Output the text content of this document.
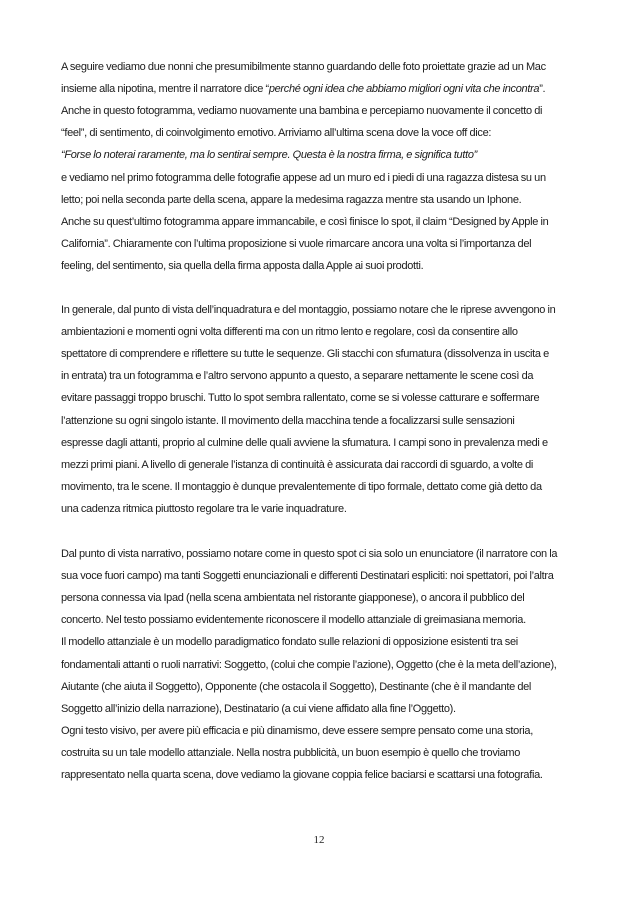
A seguire vediamo due nonni che presumibilmente stanno guardando delle foto proiettate grazie ad un Mac
insieme alla nipotina, mentre il narratore dice “perché ogni idea che abbiamo migliori ogni vita che incontra”.
Anche in questo fotogramma, vediamo nuovamente una bambina e percepiamo nuovamente il concetto di
“feel”, di sentimento, di coinvolgimento emotivo. Arriviamo all’ultima scena dove la voce off dice:
“Forse lo noterai raramente, ma lo sentirai sempre. Questa è la nostra firma, e significa tutto”
e vediamo nel primo fotogramma delle fotografie appese ad un muro ed i piedi di una ragazza distesa su un
letto; poi nella seconda parte della scena, appare la medesima ragazza mentre sta usando un Iphone.
Anche su quest’ultimo fotogramma appare immancabile, e così finisce lo spot, il claim “Designed by Apple in
California”. Chiaramente con l’ultima proposizione si vuole rimarcare ancora una volta si l’importanza del
feeling, del sentimento, sia quella della firma apposta dalla Apple ai suoi prodotti.
In generale, dal punto di vista dell’inquadratura e del montaggio, possiamo notare che le riprese avvengono in
ambientazioni e momenti ogni volta differenti ma con un ritmo lento e regolare, così da consentire allo
spettatore di comprendere e riflettere su tutte le sequenze. Gli stacchi con sfumatura (dissolvenza in uscita e
in entrata) tra un fotogramma e l’altro servono appunto a questo, a separare nettamente le scene così da
evitare passaggi troppo bruschi. Tutto lo spot sembra rallentato, come se si volesse catturare e soffermare
l’attenzione su ogni singolo istante. Il movimento della macchina tende a focalizzarsi sulle sensazioni
espresse dagli attanti, proprio al culmine delle quali avviene la sfumatura. I campi sono in prevalenza medi e
mezzi primi piani. A livello di generale l’istanza di continuità è assicurata dai raccordi di sguardo, a volte di
movimento, tra le scene. Il montaggio è dunque prevalentemente di tipo formale, dettato come già detto da
una cadenza ritmica piuttosto regolare tra le varie inquadrature.
Dal punto di vista narrativo, possiamo notare come in questo spot ci sia solo un enunciatore (il narratore con la
sua voce fuori campo) ma tanti Soggetti enunciazionali e differenti Destinatari espliciti: noi spettatori, poi l’altra
persona connessa via Ipad (nella scena ambientata nel ristorante giapponese), o ancora il pubblico del
concerto. Nel testo possiamo evidentemente riconoscere il modello attanziale di greimasiana memoria.
Il modello attanziale è un modello paradigmatico fondato sulle relazioni di opposizione esistenti tra sei
fondamentali attanti o ruoli narrativi: Soggetto, (colui che compie l’azione), Oggetto (che è la meta dell’azione),
Aiutante (che aiuta il Soggetto), Opponente (che ostacola il Soggetto), Destinante (che è il mandante del
Soggetto all’inizio della narrazione), Destinatario (a cui viene affidato alla fine l’Oggetto).
Ogni testo visivo, per avere più efficacia e più dinamismo, deve essere sempre pensato come una storia,
costruita su un tale modello attanziale. Nella nostra pubblicità, un buon esempio è quello che troviamo
rappresentato nella quarta scena, dove vediamo la giovane coppia felice baciarsi e scattarsi una fotografia.
12
